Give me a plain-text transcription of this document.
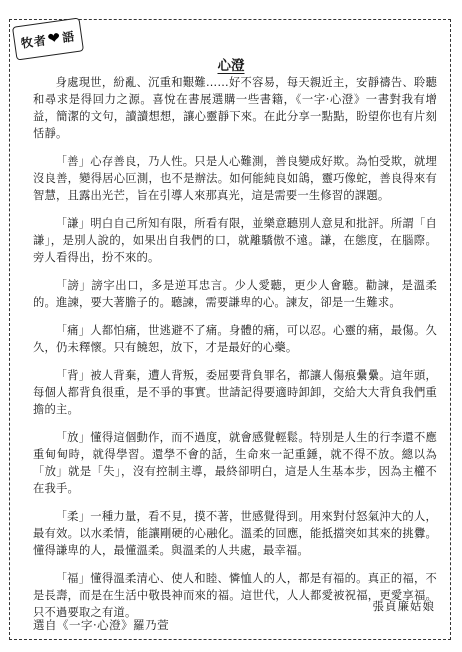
牧者
❤
語
心澄

身處現世，紛亂、沉重和艱難……好不容易，每天親近主，安靜禱告、聆聽和尋求是得回力之源。喜悅在書展選購一些書籍，《一字·心澄》一書對我有增益，簡潔的文句，讀讀想想，讓心靈靜下來。在此分享一點點，盼望你也有片刻恬靜。

「善」心存善良，乃人性。只是人心難測，善良變成好欺。為怕受欺，就埋沒良善，變得居心叵測，也不是辦法。如何能純良如鴿，靈巧像蛇，善良得來有智慧，且露出光芒，旨在引導人來那真光，這是需要一生修習的課題。

「謙」明白自己所知有限，所看有限，並樂意聽別人意見和批評。所謂「自謙」，是別人說的，如果出自我們的口，就離驕傲不遠。謙，在態度，在腦際。旁人看得出，扮不來的。

「謗」謗字出口，多是逆耳忠言。少人愛聽，更少人會聽。勸諫，是溫柔的。進諫，要大著膽子的。聽諫，需要謙卑的心。諫友，卻是一生難求。

「痛」人都怕痛，世逃避不了痛。身體的痛，可以忍。心靈的痛，最傷。久久，仍未釋懷。只有饒恕，放下，才是最好的心藥。

「背」被人背棄，遭人背叛，委屈要背負罪名，都讓人傷痕纍纍。這年頭，每個人都背負很重，是不爭的事實。世請記得要適時卸卸，交給大大背負我們重擔的主。

「放」懂得這個動作，而不過度，就會感覺輕鬆。特別是人生的行李還不應重甸甸時，就得學習。還學不會的話，生命來一記重錘，就不得不放。總以為「放」就是「失」，沒有控制主導，最終卻明白，這是人生基本步，因為主權不在我手。

「柔」一種力量，看不見，摸不著，世感覺得到。用來對付怒氣沖大的人，最有效。以水柔情，能讓剛硬的心融化。溫柔的回應，能抵擋突如其來的挑釁。懂得謙卑的人，最懂溫柔。與溫柔的人共處，最幸福。

「福」懂得溫柔清心、使人和睦、憐恤人的人，都是有福的。真正的福，不是長壽，而是在生活中敬畏神而來的福。這世代，人人都愛被祝福，更愛享福。只不過要取之有道。	張貞廉姑娘
選自《一字·心澄》羅乃萱
